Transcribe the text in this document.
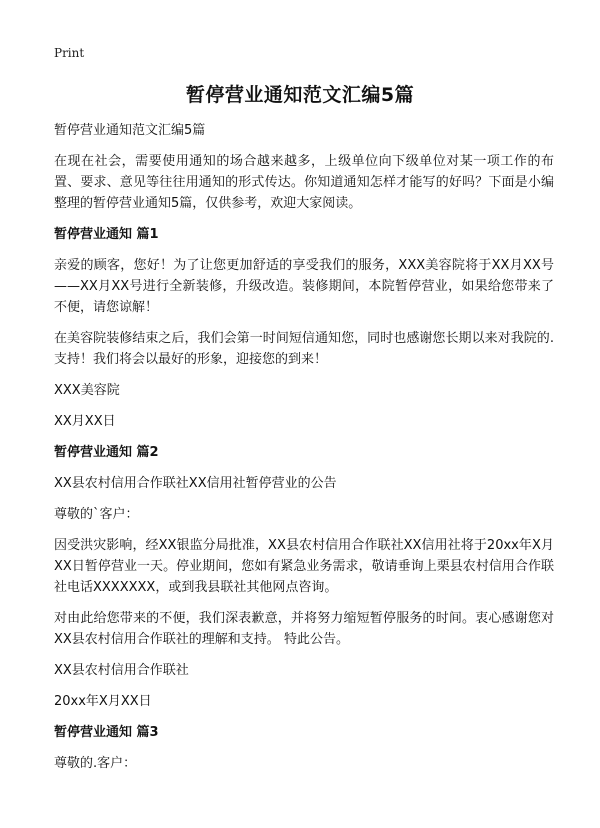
Print
暂停营业通知范文汇编5篇

暂停营业通知范文汇编5篇

在现在社会，需要使用通知的场合越来越多，上级单位向下级单位对某一项工作的布置、要求、意见等往往用通知的形式传达。你知道通知怎样才能写的好吗？下面是小编整理的暂停营业通知5篇，仅供参考，欢迎大家阅读。

暂停营业通知 篇1

亲爱的顾客，您好！为了让您更加舒适的享受我们的服务，XXX美容院将于XX月XX号——XX月XX号进行全新装修，升级改造。装修期间，本院暂停营业，如果给您带来了不便，请您谅解！

在美容院装修结束之后，我们会第一时间短信通知您，同时也感谢您长期以来对我院的.支持！我们将会以最好的形象，迎接您的到来！

XXX美容院

XX月XX日

暂停营业通知 篇2

XX县农村信用合作联社XX信用社暂停营业的公告

尊敬的`客户：

因受洪灾影响，经XX银监分局批准，XX县农村信用合作联社XX信用社将于20xx年X月XX日暂停营业一天。停业期间，您如有紧急业务需求，敬请垂询上栗县农村信用合作联社电话XXXXXXX，或到我县联社其他网点咨询。

对由此给您带来的不便，我们深表歉意，并将努力缩短暂停服务的时间。衷心感谢您对XX县农村信用合作联社的理解和支持。 特此公告。

XX县农村信用合作联社

20xx年X月XX日

暂停营业通知 篇3

尊敬的.客户：
